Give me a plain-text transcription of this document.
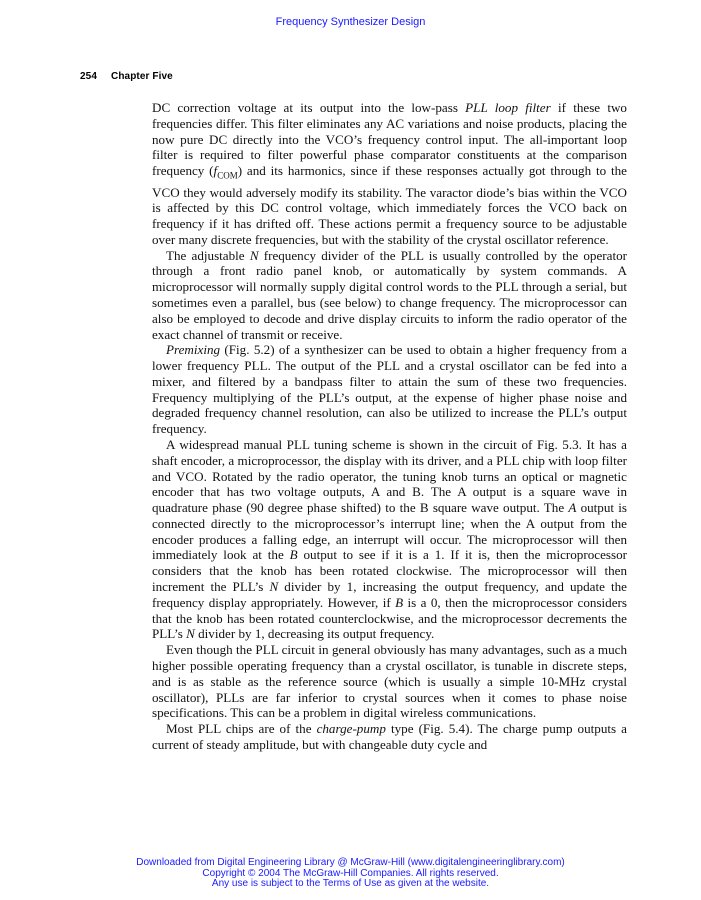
Frequency Synthesizer Design
254 Chapter Five

DC correction voltage at its output into the low-pass PLL loop filter if these two frequencies differ. This filter eliminates any AC variations and noise products, placing the now pure DC directly into the VCO’s frequency control input. The all-important loop filter is required to filter powerful phase comparator constituents at the comparison frequency $(f_{COM})$ and its harmonics, since if these responses actually got through to the VCO they would adversely modify its stability. The varactor diode’s bias within the VCO is affected by this DC control voltage, which immediately forces the VCO back on frequency if it has drifted off. These actions permit a frequency source to be adjustable over many discrete frequencies, but with the stability of the crystal oscillator reference.

The adjustable N frequency divider of the PLL is usually controlled by the operator through a front radio panel knob, or automatically by system commands. A microprocessor will normally supply digital control words to the PLL through a serial, but sometimes even a parallel, bus (see below) to change frequency. The microprocessor can also be employed to decode and drive display circuits to inform the radio operator of the exact channel of transmit or receive.

Premixing (Fig. 5.2) of a synthesizer can be used to obtain a higher frequency from a lower frequency PLL. The output of the PLL and a crystal oscillator can be fed into a mixer, and filtered by a bandpass filter to attain the sum of these two frequencies. Frequency multiplying of the PLL’s output, at the expense of higher phase noise and degraded frequency channel resolution, can also be utilized to increase the PLL’s output frequency.

A widespread manual PLL tuning scheme is shown in the circuit of Fig. 5.3. It has a shaft encoder, a microprocessor, the display with its driver, and a PLL chip with loop filter and VCO. Rotated by the radio operator, the tuning knob turns an optical or magnetic encoder that has two voltage outputs, A and B. The A output is a square wave in quadrature phase (90 degree phase shifted) to the B square wave output. The A output is connected directly to the microprocessor’s interrupt line; when the A output from the encoder produces a falling edge, an interrupt will occur. The microprocessor will then immediately look at the B output to see if it is a 1. If it is, then the microprocessor considers that the knob has been rotated clockwise. The microprocessor will then increment the PLL’s N divider by 1, increasing the output frequency, and update the frequency display appropriately. However, if B is a 0, then the microprocessor considers that the knob has been rotated counterclockwise, and the microprocessor decrements the PLL’s N divider by 1, decreasing its output frequency.

Even though the PLL circuit in general obviously has many advantages, such as a much higher possible operating frequency than a crystal oscillator, is tunable in discrete steps, and is as stable as the reference source (which is usually a simple 10-MHz crystal oscillator), PLLs are far inferior to crystal sources when it comes to phase noise specifications. This can be a problem in digital wireless communications.

Most PLL chips are of the charge-pump type (Fig. 5.4). The charge pump outputs a current of steady amplitude, but with changeable duty cycle and

Downloaded from Digital Engineering Library @ McGraw-Hill (www.digitalengineeringlibrary.com)
Copyright © 2004 The McGraw-Hill Companies. All rights reserved.
Any use is subject to the Terms of Use as given at the website.
